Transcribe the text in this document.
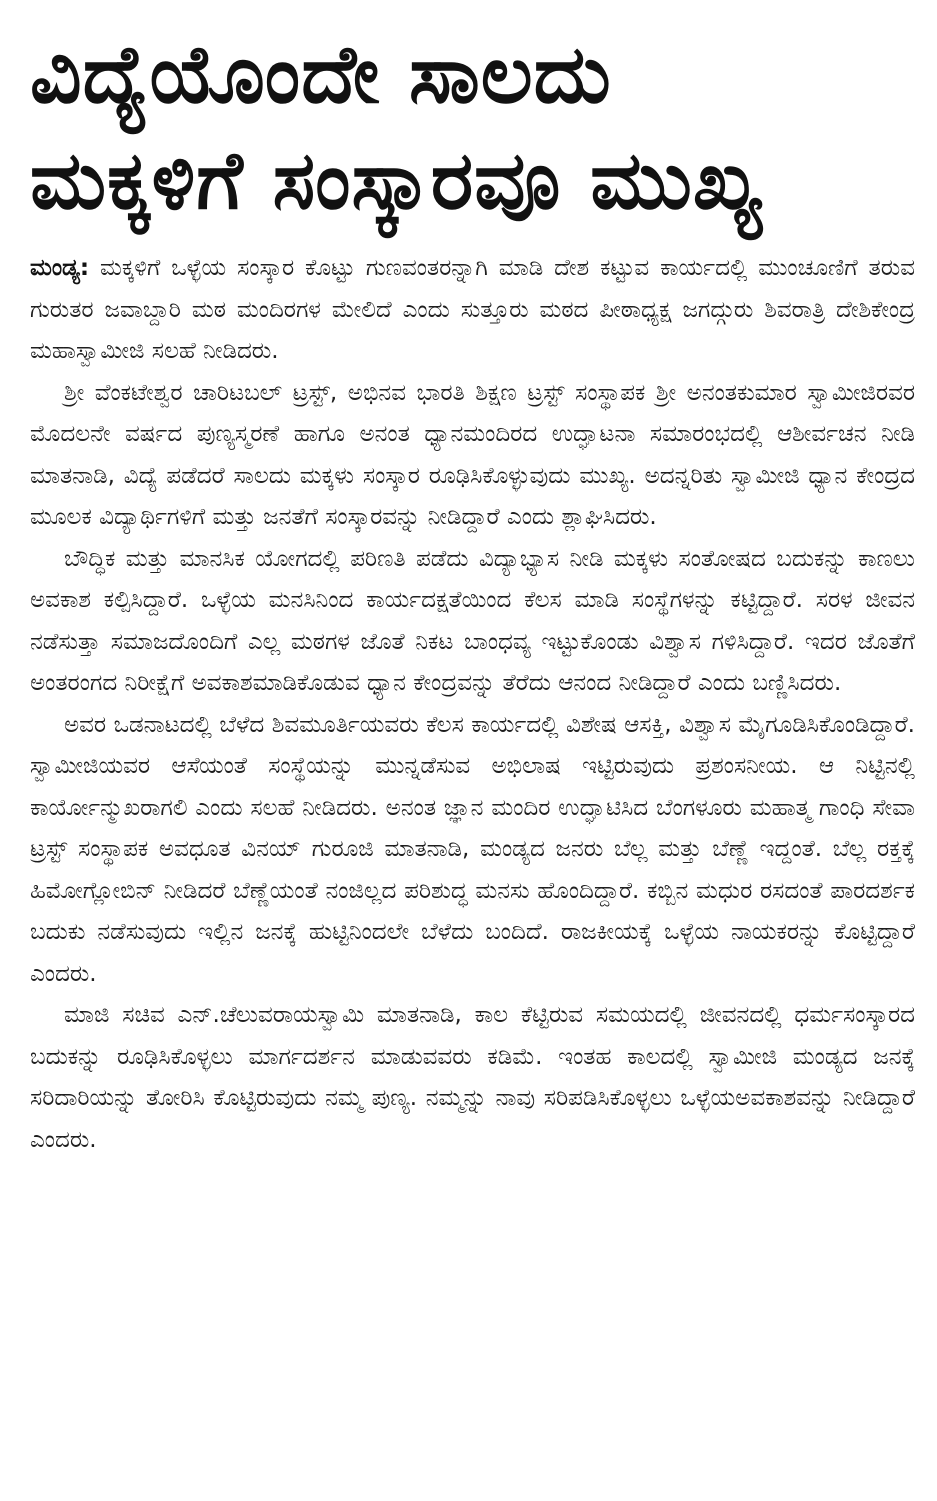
ವಿದ್ಯೆಯೊಂದೇ ಸಾಲದು
ಮಕ್ಕಳಿಗೆ ಸಂಸ್ಕಾರವೂ ಮುಖ್ಯ

ಮಂಡ್ಯ: ಮಕ್ಕಳಿಗೆ ಒಳ್ಳೆಯ ಸಂಸ್ಕಾರ ಕೊಟ್ಟು ಗುಣವಂತರನ್ನಾಗಿ ಮಾಡಿ ದೇಶ ಕಟ್ಟುವ ಕಾರ್ಯದಲ್ಲಿ ಮುಂಚೂಣಿಗೆ ತರುವ ಗುರುತರ ಜವಾಬ್ದಾರಿ ಮಠ ಮಂದಿರಗಳ ಮೇಲಿದೆ ಎಂದು ಸುತ್ತೂರು ಮಠದ ಪೀಠಾಧ್ಯಕ್ಷ ಜಗದ್ಗುರು ಶಿವರಾತ್ರಿ ದೇಶಿಕೇಂದ್ರ ಮಹಾಸ್ವಾಮೀಜಿ ಸಲಹೆ ನೀಡಿದರು.

ಶ್ರೀ ವೆಂಕಟೇಶ್ವರ ಚಾರಿಟಬಲ್ ಟ್ರಸ್ಟ್, ಅಭಿನವ ಭಾರತಿ ಶಿಕ್ಷಣ ಟ್ರಸ್ಟ್ ಸಂಸ್ಥಾಪಕ ಶ್ರೀ ಅನಂತಕುಮಾರ ಸ್ವಾಮೀಜಿರವರ ಮೊದಲನೇ ವರ್ಷದ ಪುಣ್ಯಸ್ಮರಣೆ ಹಾಗೂ ಅನಂತ ಧ್ಯಾನಮಂದಿರದ ಉದ್ಘಾಟನಾ ಸಮಾರಂಭದಲ್ಲಿ ಆಶೀರ್ವಚನ ನೀಡಿ ಮಾತನಾಡಿ, ವಿದ್ಯೆ ಪಡೆದರೆ ಸಾಲದು ಮಕ್ಕಳು ಸಂಸ್ಕಾರ ರೂಢಿಸಿಕೊಳ್ಳುವುದು ಮುಖ್ಯ. ಅದನ್ನರಿತು ಸ್ವಾಮೀಜಿ ಧ್ಯಾನ ಕೇಂದ್ರದ ಮೂಲಕ ವಿದ್ಯಾರ್ಥಿಗಳಿಗೆ ಮತ್ತು ಜನತೆಗೆ ಸಂಸ್ಕಾರವನ್ನು ನೀಡಿದ್ದಾರೆ ಎಂದು ಶ್ಲಾಘಿಸಿದರು.

ಬೌದ್ಧಿಕ ಮತ್ತು ಮಾನಸಿಕ ಯೋಗದಲ್ಲಿ ಪರಿಣತಿ ಪಡೆದು ವಿದ್ಯಾಭ್ಯಾಸ ನೀಡಿ ಮಕ್ಕಳು ಸಂತೋಷದ ಬದುಕನ್ನು ಕಾಣಲು ಅವಕಾಶ ಕಲ್ಪಿಸಿದ್ದಾರೆ. ಒಳ್ಳೆಯ ಮನಸಿನಿಂದ ಕಾರ್ಯದಕ್ಷತೆಯಿಂದ ಕೆಲಸ ಮಾಡಿ ಸಂಸ್ಥೆಗಳನ್ನು ಕಟ್ಟಿದ್ದಾರೆ. ಸರಳ ಜೀವನ ನಡೆಸುತ್ತಾ ಸಮಾಜದೊಂದಿಗೆ ಎಲ್ಲ ಮಠಗಳ ಜೊತೆ ನಿಕಟ ಬಾಂಧವ್ಯ ಇಟ್ಟುಕೊಂಡು ವಿಶ್ವಾಸ ಗಳಿಸಿದ್ದಾರೆ. ಇದರ ಜೊತೆಗೆ ಅಂತರಂಗದ ನಿರೀಕ್ಷೆಗೆ ಅವಕಾಶಮಾಡಿಕೊಡುವ ಧ್ಯಾನ ಕೇಂದ್ರವನ್ನು ತೆರೆದು ಆನಂದ ನೀಡಿದ್ದಾರೆ ಎಂದು ಬಣ್ಣಿಸಿದರು.

ಅವರ ಒಡನಾಟದಲ್ಲಿ ಬೆಳೆದ ಶಿವಮೂರ್ತಿಯವರು ಕೆಲಸ ಕಾರ್ಯದಲ್ಲಿ ವಿಶೇಷ ಆಸಕ್ತಿ, ವಿಶ್ವಾಸ ಮೈಗೂಡಿಸಿಕೊಂಡಿದ್ದಾರೆ. ಸ್ವಾಮೀಜಿಯವರ ಆಸೆಯಂತೆ ಸಂಸ್ಥೆಯನ್ನು ಮುನ್ನಡೆಸುವ ಅಭಿಲಾಷ ಇಟ್ಟಿರುವುದು ಪ್ರಶಂಸನೀಯ. ಆ ನಿಟ್ಟಿನಲ್ಲಿ ಕಾರ್ಯೋನ್ಮುಖರಾಗಲಿ ಎಂದು ಸಲಹೆ ನೀಡಿದರು. ಅನಂತ ಜ್ಞಾನ ಮಂದಿರ ಉದ್ಘಾಟಿಸಿದ ಬೆಂಗಳೂರು ಮಹಾತ್ಮ ಗಾಂಧಿ ಸೇವಾ ಟ್ರಸ್ಟ್ ಸಂಸ್ಥಾಪಕ ಅವಧೂತ ವಿನಯ್ ಗುರೂಜಿ ಮಾತನಾಡಿ, ಮಂಡ್ಯದ ಜನರು ಬೆಲ್ಲ ಮತ್ತು ಬೆಣ್ಣೆ ಇದ್ದಂತೆ. ಬೆಲ್ಲ ರಕ್ತಕ್ಕೆ ಹಿಮೋಗ್ಲೋಬಿನ್ ನೀಡಿದರೆ ಬೆಣ್ಣೆಯಂತೆ ನಂಜಿಲ್ಲದ ಪರಿಶುದ್ಧ ಮನಸು ಹೊಂದಿದ್ದಾರೆ. ಕಬ್ಬಿನ ಮಧುರ ರಸದಂತೆ ಪಾರದರ್ಶಕ ಬದುಕು ನಡೆಸುವುದು ಇಲ್ಲಿನ ಜನಕ್ಕೆ ಹುಟ್ಟಿನಿಂದಲೇ ಬೆಳೆದು ಬಂದಿದೆ. ರಾಜಕೀಯಕ್ಕೆ ಒಳ್ಳೆಯ ನಾಯಕರನ್ನು ಕೊಟ್ಟಿದ್ದಾರೆ ಎಂದರು.

ಮಾಜಿ ಸಚಿವ ಎನ್.ಚೆಲುವರಾಯಸ್ವಾಮಿ ಮಾತನಾಡಿ, ಕಾಲ ಕೆಟ್ಟಿರುವ ಸಮಯದಲ್ಲಿ ಜೀವನದಲ್ಲಿ ಧರ್ಮಸಂಸ್ಕಾರದ ಬದುಕನ್ನು ರೂಢಿಸಿಕೊಳ್ಳಲು ಮಾರ್ಗದರ್ಶನ ಮಾಡುವವರು ಕಡಿಮೆ. ಇಂತಹ ಕಾಲದಲ್ಲಿ ಸ್ವಾಮೀಜಿ ಮಂಡ್ಯದ ಜನಕ್ಕೆ ಸರಿದಾರಿಯನ್ನು ತೋರಿಸಿ ಕೊಟ್ಟಿರುವುದು ನಮ್ಮ ಪುಣ್ಯ. ನಮ್ಮನ್ನು ನಾವು ಸರಿಪಡಿಸಿಕೊಳ್ಳಲು ಒಳ್ಳೆಯಅವಕಾಶವನ್ನು ನೀಡಿದ್ದಾರೆ ಎಂದರು.
